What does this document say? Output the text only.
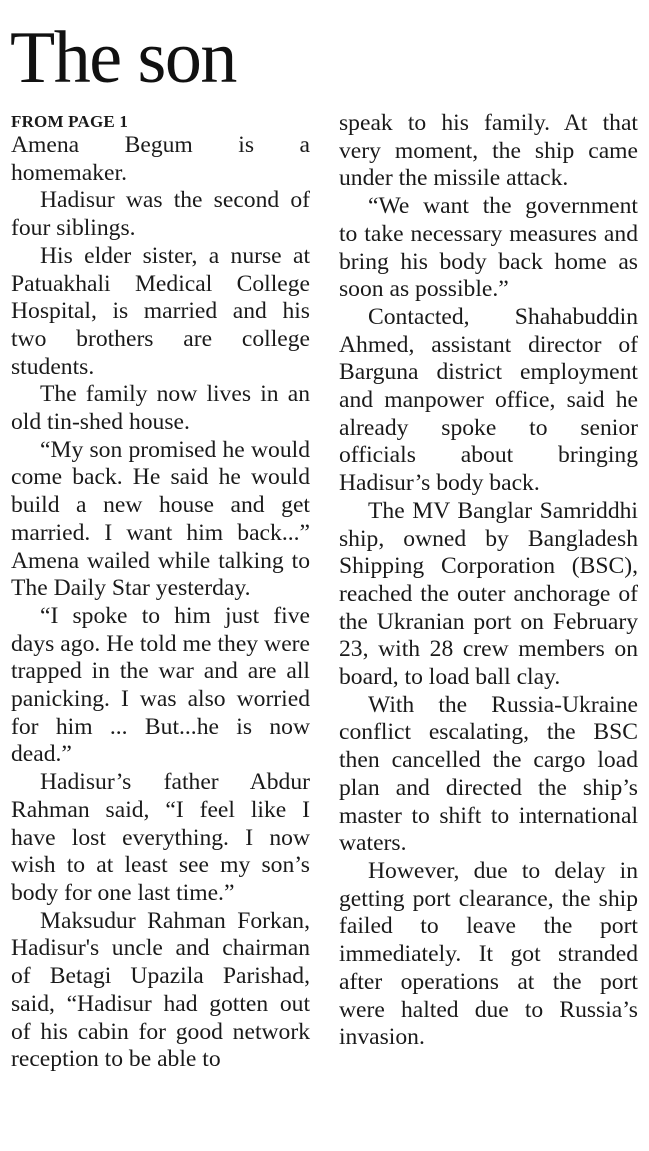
The son
FROM PAGE 1

Amena Begum is a homemaker.

Hadisur was the second of four siblings.

His elder sister, a nurse at Patuakhali Medical College Hospital, is married and his two brothers are college students.

The family now lives in an old tin-shed house.

“My son promised he would come back. He said he would build a new house and get married. I want him back...” Amena wailed while talking to The Daily Star yesterday.

“I spoke to him just five days ago. He told me they were trapped in the war and are all panicking. I was also worried for him ... But...he is now dead.”

Hadisur’s father Abdur Rahman said, “I feel like I have lost everything. I now wish to at least see my son’s body for one last time.”

Maksudur Rahman Forkan, Hadisur's uncle and chairman of Betagi Upazila Parishad, said, “Hadisur had gotten out of his cabin for good network reception to be able to

speak to his family. At that very moment, the ship came under the missile attack.

“We want the government to take necessary measures and bring his body back home as soon as possible.”

Contacted, Shahabuddin Ahmed, assistant director of Barguna district employment and manpower office, said he already spoke to senior officials about bringing Hadisur’s body back.

The MV Banglar Samriddhi ship, owned by Bangladesh Shipping Corporation (BSC), reached the outer anchorage of the Ukranian port on February 23, with 28 crew members on board, to load ball clay.

With the Russia-Ukraine conflict escalating, the BSC then cancelled the cargo load plan and directed the ship’s master to shift to international waters.

However, due to delay in getting port clearance, the ship failed to leave the port immediately. It got stranded after operations at the port were halted due to Russia’s invasion.
